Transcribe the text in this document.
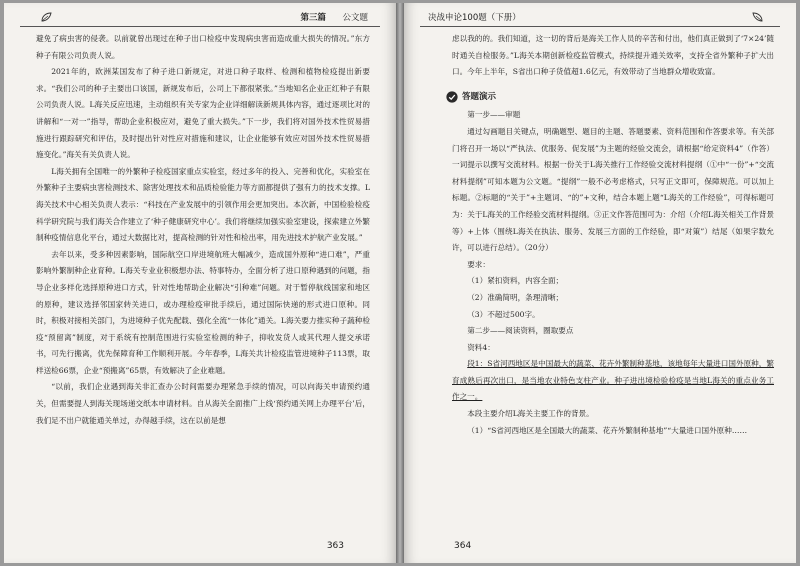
第三篇 公文题

避免了病虫害的侵袭。以前就曾出现过在种子出口检疫中发现病虫害而造成重大损失的情况。”东方种子有限公司负责人说。

2021年的，欧洲某国发布了种子进口新规定，对进口种子取样、检测和植物检疫提出新要求。“我们公司的种子主要出口该国，新规发布后，公司上下都很紧张。”当地知名企业正红种子有限公司负责人说。L海关反应迅速，主动组织有关专家为企业详细解读新规具体内容，通过逐项比对的讲解和“一对一”指导，帮助企业积极应对，避免了重大损失。”下一步，我们将对国外技术性贸易措施进行跟踪研究和评估，及时提出针对性应对措施和建议，让企业能够有效应对国外技术性贸易措施变化。”海关有关负责人说。

L海关拥有全国唯一的外繁种子检疫国家重点实验室，经过多年的投入、完善和优化，实验室在外繁种子主要病虫害检测技术、除害处理技术和品质检验能力等方面都提供了强有力的技术支撑。L海关技术中心相关负责人表示：“科技在产业发展中的引领作用会更加突出。本次新，中国检验检疫科学研究院与我们海关合作建立了‘种子健康研究中心’。我们将继续加强实验室建设，探索建立外繁制种疫情信息化平台，通过大数据比对，提高检测的针对性和检出率，用先进技术护航产业发展。”

去年以来，受多种因素影响，国际航空口岸进境航班大幅减少，造成国外原种“进口难”，严重影响外繁制种企业育种。L海关专业业积极想办法、特事特办，全面分析了进口原种遇到的问题，指导企业多样化选择原种进口方式，针对性地帮助企业解决“引种难”问题。对于暂停航线国家和地区的原种，建议选择邻国家转关进口，或办理检疫审批手续后，通过国际快递的形式进口原种。同时，积极对接相关部门，为进境种子优先配载、强化全流“一体化”通关。L海关要力推实种子蔬种检疫“预留离”制度，对于系统有控制范围进行实验室检测的种子，抑收发货人或其代理人提交承诺书，可先行搬离，优先保障育种工作顺利开展。今年春季，L海关共计检疫监管进境种子113票，取样送检66票，企业“预搬离”65票，有效解决了企业难题。

“以前，我们企业遇到海关非汇查办公时间需要办理紧急手续的情况，可以向海关申请预约通关，但需要提人到海关现场递交纸本申请材料。自从海关全面推广上线‘预约通关网上办理平台’后，我们足不出户就能通关单过，办得越手续，这在以前是想

363
决战申论100题（下册）

虑以我的的。我们知道，这一切的背后是海关工作人员的辛苦和付出，他们真正做到了‘7×24’随时通关自检服务。”L海关本期创新检疫监管模式，持续提升通关效率，支持全省外繁种子扩大出口。今年上半年，S省出口种子货值超1.6亿元，有效带动了当地群众增收致富。

答题演示

第一步——审题

通过勾画题目关键点，明确题型、题目的主题、答题要素、资料范围和作答要求等。有关部门将召开一场以“严执法、优服务、促发展”为主题的经验交流会，请根据“给定资料4”（作答）一词提示以撰写交流材料。根据一份关于L海关推行工作经验交流材料提纲（①中“一份”+“交流材料提纲”可知本题为公文题。“提纲”一般不必考虑格式，只写正文即可，保障规范。可以加上标题。②标题的“关于”+主题词、“的”+文种，结合本题上题“L海关的工作经验”，可得标题可为：关于L海关的工作经验交流材料提纲。③正文作答范围可为：介绍（介绍L海关相关工作背景等）+上体（围绕L海关在执法、服务、发展三方面的工作经验，即“对策”）结尾（如果字数允许，可以进行总结）。（20分）

要求：

（1）紧扣资料，内容全面；

（2）准确简明，条理清晰；

（3）不超过500字。

第二步——阅读资料，圈取要点

资料4：

段1：S省河西地区是中国最大的蔬菜、花卉外繁制种基地，该地每年大量进口国外原种，繁育成熟后再次出口，是当地农业特色支柱产业。种子进出境检验检疫是当地L海关的重点业务工作之一。

本段主要介绍L海关主要工作的背景。

（1）“S省河西地区是全国最大的蔬菜、花卉外繁制种基地”“大量进口国外原种……

364
